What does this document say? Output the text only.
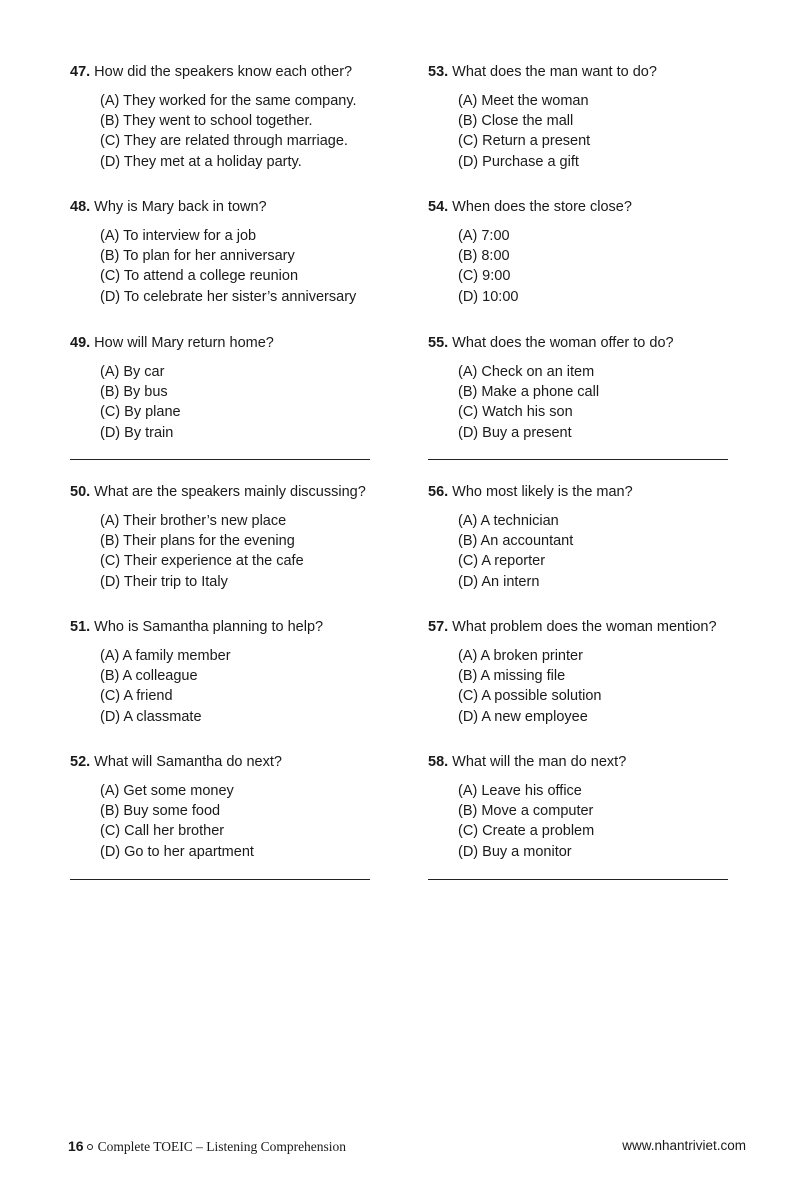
47. How did the speakers know each other?
(A) They worked for the same company.
(B) They went to school together.
(C) They are related through marriage.
(D) They met at a holiday party.
48. Why is Mary back in town?
(A) To interview for a job
(B) To plan for her anniversary
(C) To attend a college reunion
(D) To celebrate her sister’s anniversary
49. How will Mary return home?
(A) By car
(B) By bus
(C) By plane
(D) By train
50. What are the speakers mainly discussing?
(A) Their brother’s new place
(B) Their plans for the evening
(C) Their experience at the cafe
(D) Their trip to Italy
51. Who is Samantha planning to help?
(A) A family member
(B) A colleague
(C) A friend
(D) A classmate
52. What will Samantha do next?
(A) Get some money
(B) Buy some food
(C) Call her brother
(D) Go to her apartment
53. What does the man want to do?
(A) Meet the woman
(B) Close the mall
(C) Return a present
(D) Purchase a gift
54. When does the store close?
(A) 7:00
(B) 8:00
(C) 9:00
(D) 10:00
55. What does the woman offer to do?
(A) Check on an item
(B) Make a phone call
(C) Watch his son
(D) Buy a present
56. Who most likely is the man?
(A) A technician
(B) An accountant
(C) A reporter
(D) An intern
57. What problem does the woman mention?
(A) A broken printer
(B) A missing file
(C) A possible solution
(D) A new employee
58. What will the man do next?
(A) Leave his office
(B) Move a computer
(C) Create a problem
(D) Buy a monitor
16 Complete TOEIC – Listening Comprehension	www.nhantriviet.com
